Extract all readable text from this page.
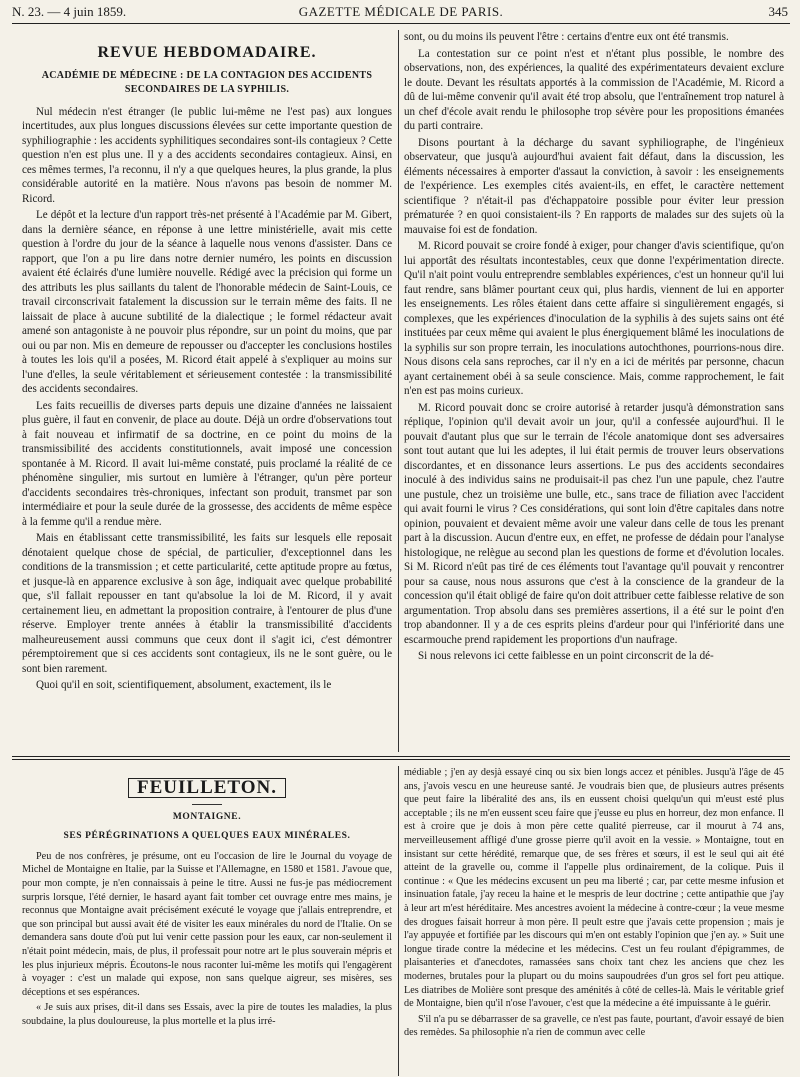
N. 23. — 4 juin 1859.	GAZETTE MÉDICALE DE PARIS.	345
REVUE HEBDOMADAIRE.
ACADÉMIE DE MÉDECINE : DE LA CONTAGION DES ACCIDENTS SECONDAIRES DE LA SYPHILIS.

Nul médecin n'est étranger (le public lui-même ne l'est pas) aux longues incertitudes, aux plus longues discussions élevées sur cette importante question de syphiliographie : les accidents syphilitiques secondaires sont-ils contagieux ? Cette question n'en est plus une. Il y a des accidents secondaires contagieux. Ainsi, en ces mêmes termes, l'a reconnu, il n'y a que quelques heures, la plus grande, la plus considérable autorité en la matière. Nous n'avons pas besoin de nommer M. Ricord.

Le dépôt et la lecture d'un rapport très-net présenté à l'Académie par M. Gibert, dans la dernière séance, en réponse à une lettre ministérielle, avait mis cette question à l'ordre du jour de la séance à laquelle nous venons d'assister. Dans ce rapport, que l'on a pu lire dans notre dernier numéro, les points en discussion avaient été éclairés d'une lumière nouvelle. Rédigé avec la précision qui forme un des attributs les plus saillants du talent de l'honorable médecin de Saint-Louis, ce travail circonscrivait fatalement la discussion sur le terrain même des faits. Il ne laissait de place à aucune subtilité de la dialectique ; le formel rédacteur avait amené son antagoniste à ne pouvoir plus répondre, sur un point du moins, que par oui ou par non. Mis en demeure de repousser ou d'accepter les conclusions hostiles à toutes les lois qu'il a posées, M. Ricord était appelé à s'expliquer au moins sur l'une d'elles, la seule véritablement et sérieusement contestée : la transmissibilité des accidents secondaires.

Les faits recueillis de diverses parts depuis une dizaine d'années ne laissaient plus guère, il faut en convenir, de place au doute. Déjà un ordre d'observations tout à fait nouveau et infirmatif de sa doctrine, en ce point du moins de la transmissibilité des accidents constitutionnels, avait imposé une concession spontanée à M. Ricord. Il avait lui-même constaté, puis proclamé la réalité de ce phénomène singulier, mis surtout en lumière à l'étranger, qu'un père porteur d'accidents secondaires très-chroniques, infectant son produit, transmet par son intermédiaire et pour la seule durée de la grossesse, des accidents de même espèce à la femme qu'il a rendue mère.

Mais en établissant cette transmissibilité, les faits sur lesquels elle reposait dénotaient quelque chose de spécial, de particulier, d'exceptionnel dans les conditions de la transmission ; et cette particularité, cette aptitude propre au fœtus, et jusque-là en apparence exclusive à son âge, indiquait avec quelque probabilité que, s'il fallait repousser en tant qu'absolue la loi de M. Ricord, il y avait certainement lieu, en admettant la proposition contraire, à l'entourer de plus d'une réserve. Employer trente années à établir la transmissibilité d'accidents malheureusement aussi communs que ceux dont il s'agit ici, c'est démontrer péremptoirement que si ces accidents sont contagieux, ils ne le sont guère, ou le sont bien rarement.

Quoi qu'il en soit, scientifiquement, absolument, exactement, ils le

sont, ou du moins ils peuvent l'être : certains d'entre eux ont été transmis.

La contestation sur ce point n'est et n'étant plus possible, le nombre des observations, non, des expériences, la qualité des expérimentateurs devaient exclure le doute. Devant les résultats apportés à la commission de l'Académie, M. Ricord a dû de lui-même convenir qu'il avait été trop absolu, que l'entraînement trop naturel à un chef d'école avait rendu le philosophe trop sévère pour les propositions émanées du parti contraire.

Disons pourtant à la décharge du savant syphiliographe, de l'ingénieux observateur, que jusqu'à aujourd'hui avaient fait défaut, dans la discussion, les éléments nécessaires à emporter d'assaut la conviction, à savoir : les enseignements de l'expérience. Les exemples cités avaient-ils, en effet, le caractère nettement scientifique ? n'était-il pas d'échappatoire possible pour éviter leur pression prématurée ? en quoi consistaient-ils ? En rapports de malades sur des sujets où la mauvaise foi est de fondation.

M. Ricord pouvait se croire fondé à exiger, pour changer d'avis scientifique, qu'on lui apportât des résultats incontestables, ceux que donne l'expérimentation directe. Qu'il n'ait point voulu entreprendre semblables expériences, c'est un honneur qu'il lui faut rendre, sans blâmer pourtant ceux qui, plus hardis, viennent de lui en apporter les enseignements. Les rôles étaient dans cette affaire si singulièrement engagés, si complexes, que les expériences d'inoculation de la syphilis à des sujets sains ont été instituées par ceux même qui avaient le plus énergiquement blâmé les inoculations de la syphilis sur son propre terrain, les inoculations autochthones, pourrions-nous dire. Nous disons cela sans reproches, car il n'y en a ici de mérités par personne, chacun ayant certainement obéi à sa seule conscience. Mais, comme rapprochement, le fait n'en est pas moins curieux.

M. Ricord pouvait donc se croire autorisé à retarder jusqu'à démonstration sans réplique, l'opinion qu'il devait avoir un jour, qu'il a confessée aujourd'hui. Il le pouvait d'autant plus que sur le terrain de l'école anatomique dont ses adversaires sont tout autant que lui les adeptes, il lui était permis de trouver leurs observations discordantes, et en dissonance leurs assertions. Le pus des accidents secondaires inoculé à des individus sains ne produisait-il pas chez l'un une papule, chez l'autre une pustule, chez un troisième une bulle, etc., sans trace de filiation avec l'accident qui avait fourni le virus ? Ces considérations, qui sont loin d'être capitales dans notre opinion, pouvaient et devaient même avoir une valeur dans celle de tous les prenant part à la discussion. Aucun d'entre eux, en effet, ne professe de dédain pour l'analyse histologique, ne relègue au second plan les questions de forme et d'évolution locales. Si M. Ricord n'eût pas tiré de ces éléments tout l'avantage qu'il pouvait y rencontrer pour sa cause, nous nous assurons que c'est à la conscience de la grandeur de la concession qu'il était obligé de faire qu'on doit attribuer cette faiblesse relative de son argumentation. Trop absolu dans ses premières assertions, il a été sur le point d'en trop abandonner. Il y a de ces esprits pleins d'ardeur pour qui l'infériorité dans une escarmouche prend rapidement les proportions d'un naufrage.

Si nous relevons ici cette faiblesse en un point circonscrit de la dé-

FEUILLETON.
MONTAIGNE.
SES PÉRÉGRINATIONS A QUELQUES EAUX MINÉRALES.

Peu de nos confrères, je présume, ont eu l'occasion de lire le Journal du voyage de Michel de Montaigne en Italie, par la Suisse et l'Allemagne, en 1580 et 1581. J'avoue que, pour mon compte, je n'en connaissais à peine le titre. Aussi ne fus-je pas médiocrement surpris lorsque, l'été dernier, le hasard ayant fait tomber cet ouvrage entre mes mains, je reconnus que Montaigne avait précisément exécuté le voyage que j'allais entreprendre, et que son principal but aussi avait été de visiter les eaux minérales du nord de l'Italie. On se demandera sans doute d'où put lui venir cette passion pour les eaux, car non-seulement il n'était point médecin, mais, de plus, il professait pour notre art le plus souverain mépris et les plus injurieux mépris. Écoutons-le nous raconter lui-même les motifs qui l'engagèrent à voyager : c'est un malade qui expose, non sans quelque aigreur, ses misères, ses déceptions et ses espérances.

« Je suis aux prises, dit-il dans ses Essais, avec la pire de toutes les maladies, la plus soubdaine, la plus douloureuse, la plus mortelle et la plus irré-

médiable ; j'en ay desjà essayé cinq ou six bien longs accez et pénibles. Jusqu'à l'âge de 45 ans, j'avois vescu en une heureuse santé. Je voudrais bien que, de plusieurs autres présents que peut faire la libéralité des ans, ils en eussent choisi quelqu'un qui m'eust esté plus acceptable ; ils ne m'en eussent sceu faire que j'eusse eu plus en horreur, dez mon enfance. Il est à croire que je dois à mon père cette qualité pierreuse, car il mourut à 74 ans, merveilleusement affligé d'une grosse pierre qu'il avoit en la vessie. » Montaigne, tout en insistant sur cette hérédité, remarque que, de ses frères et sœurs, il est le seul qui ait été atteint de la gravelle ou, comme il l'appelle plus ordinairement, de la colique. Puis il continue : « Que les médecins excusent un peu ma liberté ; car, par cette mesme infusion et insinuation fatale, j'ay receu la haine et le mespris de leur doctrine ; cette antipathie que j'ay à leur art m'est héréditaire. Mes ancestres avoient la médecine à contre-cœur ; la veue mesme des drogues faisait horreur à mon père. Il peult estre que j'avais cette propension ; mais je l'ay appuyée et fortifiée par les discours qui m'en ont estably l'opinion que j'en ay. » Suit une longue tirade contre la médecine et les médecins. C'est un feu roulant d'épigrammes, de plaisanteries et d'anecdotes, ramassées sans choix tant chez les anciens que chez les modernes, brutales pour la plupart ou du moins saupoudrées d'un gros sel fort peu attique. Les diatribes de Molière sont presque des aménités à côté de celles-là. Mais le véritable grief de Montaigne, bien qu'il n'ose l'avouer, c'est que la médecine a été impuissante à le guérir.

S'il n'a pu se débarrasser de sa gravelle, ce n'est pas faute, pourtant, d'avoir essayé de bien des remèdes. Sa philosophie n'a rien de commun avec celle
